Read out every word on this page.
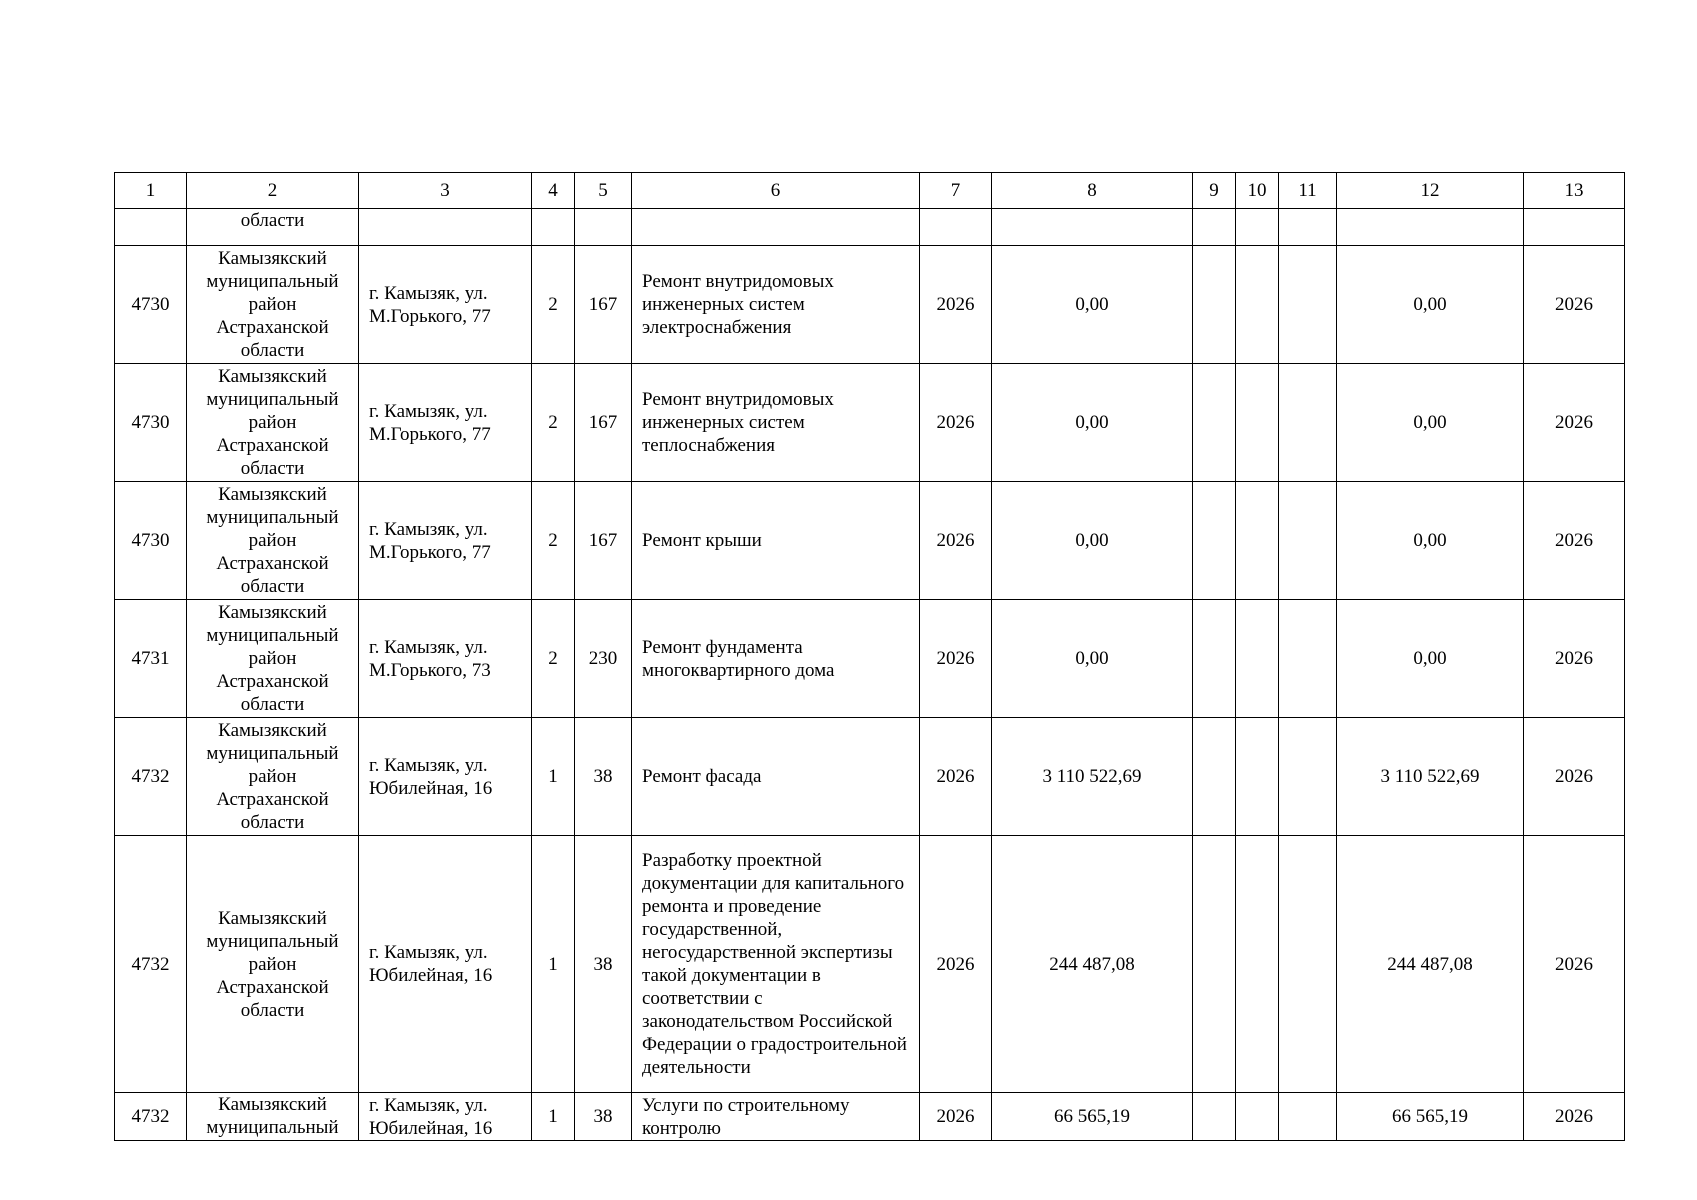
1	2	3	4	5	6	7	8	9	10	11	12	13
	области											
4730	Камызякский муниципальный район Астраханской области	г. Камызяк, ул. М.Горького, 77	2	167	Ремонт внутридомовых инженерных систем электроснабжения	2026	0,00				0,00	2026
4730	Камызякский муниципальный район Астраханской области	г. Камызяк, ул. М.Горького, 77	2	167	Ремонт внутридомовых инженерных систем теплоснабжения	2026	0,00				0,00	2026
4730	Камызякский муниципальный район Астраханской области	г. Камызяк, ул. М.Горького, 77	2	167	Ремонт крыши	2026	0,00				0,00	2026
4731	Камызякский муниципальный район Астраханской области	г. Камызяк, ул. М.Горького, 73	2	230	Ремонт фундамента многоквартирного дома	2026	0,00				0,00	2026
4732	Камызякский муниципальный район Астраханской области	г. Камызяк, ул. Юбилейная, 16	1	38	Ремонт фасада	2026	3 110 522,69				3 110 522,69	2026
4732	Камызякский муниципальный район Астраханской области	г. Камызяк, ул. Юбилейная, 16	1	38	Разработку проектной документации для капитального ремонта и проведение государственной, негосударственной экспертизы такой документации в соответствии с законодательством Российской Федерации о градостроительной деятельности	2026	244 487,08				244 487,08	2026
4732	Камызякский муниципальный	г. Камызяк, ул. Юбилейная, 16	1	38	Услуги по строительному контролю	2026	66 565,19				66 565,19	2026
